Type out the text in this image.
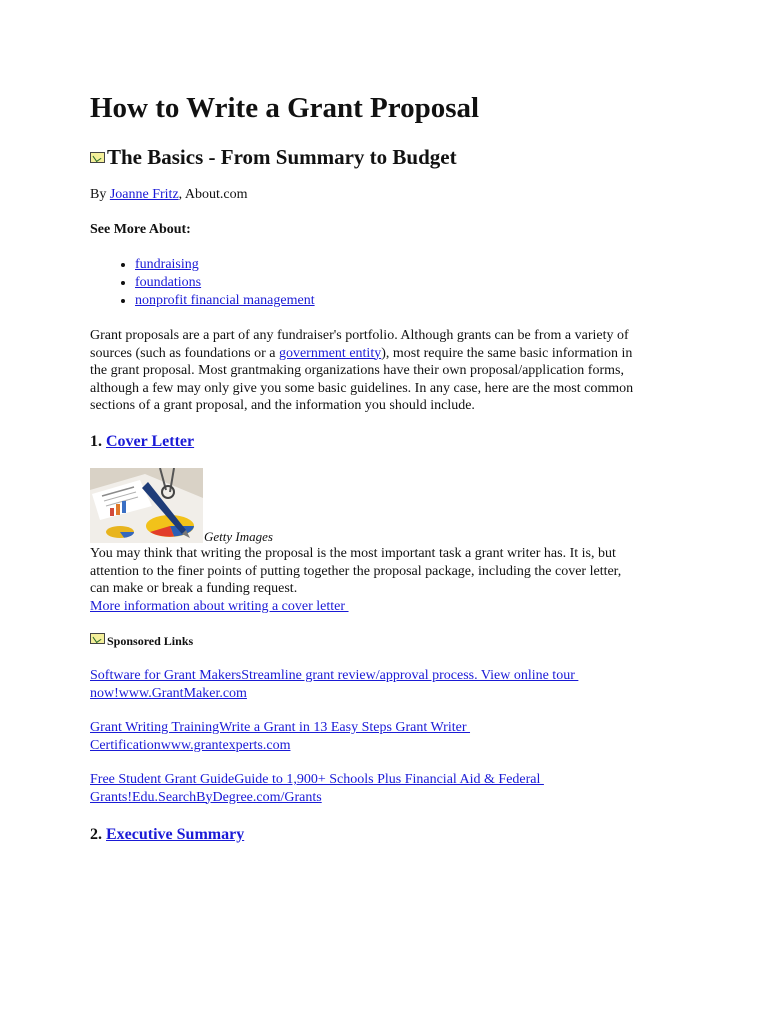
How to Write a Grant Proposal
The Basics - From Summary to Budget
By Joanne Fritz, About.com
See More About:
• fundraising
• foundations
• nonprofit financial management
Grant proposals are a part of any fundraiser's portfolio. Although grants can be from a variety of
sources (such as foundations or a government entity), most require the same basic information in
the grant proposal. Most grantmaking organizations have their own proposal/application forms,
although a few may only give you some basic guidelines. In any case, here are the most common
sections of a grant proposal, and the information you should include.
1. Cover Letter
Getty Images
You may think that writing the proposal is the most important task a grant writer has. It is, but
attention to the finer points of putting together the proposal package, including the cover letter,
can make or break a funding request.
More information about writing a cover letter
Sponsored Links
Software for Grant MakersStreamline grant review/approval process. View online tour
now!www.GrantMaker.com
Grant Writing TrainingWrite a Grant in 13 Easy Steps Grant Writer
Certificationwww.grantexperts.com
Free Student Grant GuideGuide to 1,900+ Schools Plus Financial Aid & Federal
Grants!Edu.SearchByDegree.com/Grants
2. Executive Summary
